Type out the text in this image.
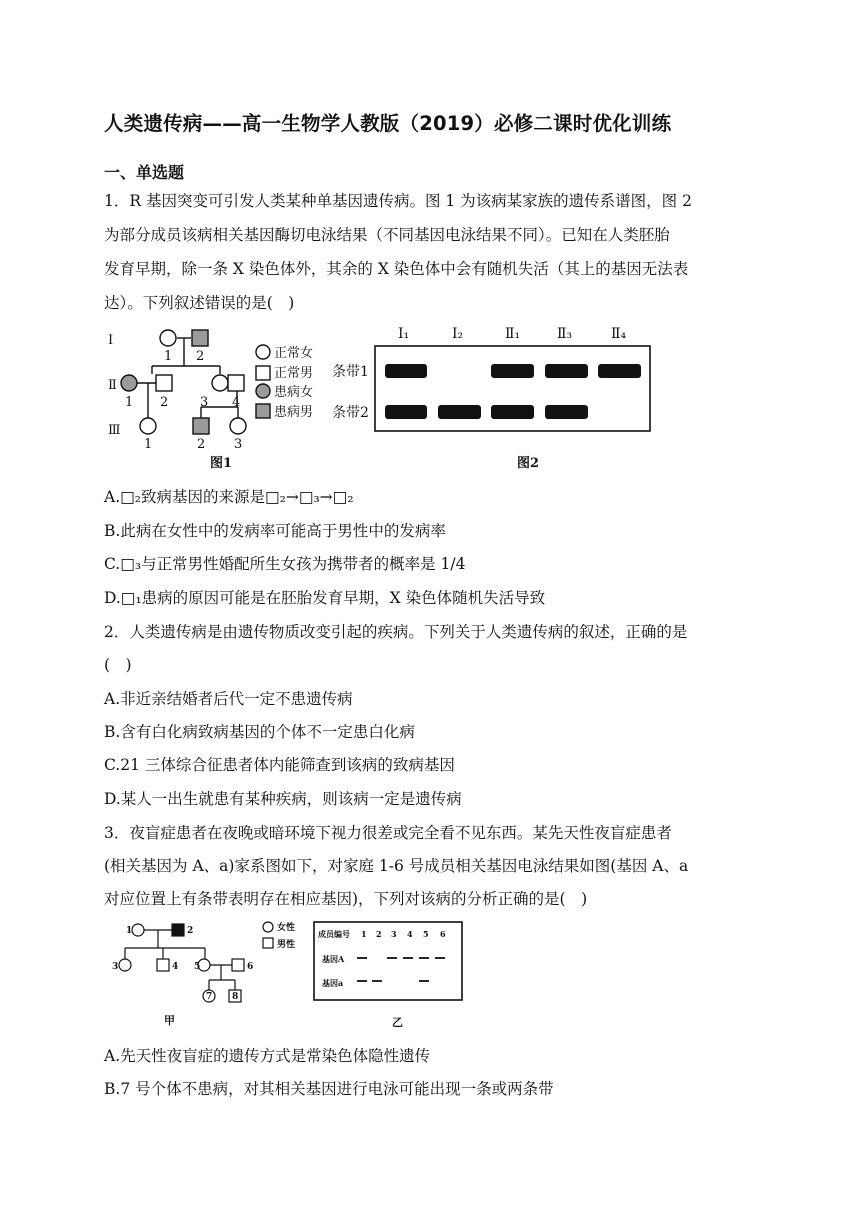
人类遗传病——高一生物学人教版（2019）必修二课时优化训练
一、单选题
1．R 基因突变可引发人类某种单基因遗传病。图 1 为该病某家族的遗传系谱图，图 2
为部分成员该病相关基因酶切电泳结果（不同基因电泳结果不同）。已知在人类胚胎
发育早期，除一条 X 染色体外，其余的 X 染色体中会有随机失活（其上的基因无法表
达）。下列叙述错误的是(　)
Ⅰ
Ⅱ
Ⅲ
1 2
1 2 3 4
1	2 3
正常女
正常男
患病女
患病男
图1
Ⅰ₁	Ⅰ₂	Ⅱ₁	Ⅱ₃	Ⅱ₄
条带1
条带2
图2
A.□₂致病基因的来源是□₂→□₃→□₂
B.此病在女性中的发病率可能高于男性中的发病率
C.□₃与正常男性婚配所生女孩为携带者的概率是 1/4
D.□₁患病的原因可能是在胚胎发育早期，X 染色体随机失活导致
2．人类遗传病是由遗传物质改变引起的疾病。下列关于人类遗传病的叙述，正确的是
(　)
A.非近亲结婚者后代一定不患遗传病
B.含有白化病致病基因的个体不一定患白化病
C.21 三体综合征患者体内能筛查到该病的致病基因
D.某人一出生就患有某种疾病，则该病一定是遗传病
3．夜盲症患者在夜晚或暗环境下视力很差或完全看不见东西。某先天性夜盲症患者
(相关基因为 A、a)家系图如下，对家庭 1-6 号成员相关基因电泳结果如图(基因 A、a
对应位置上有条带表明存在相应基因)，下列对该病的分析正确的是(　)
1	2
3	4 5	6
7 8
女性
男性
甲
成员编号 1 2 3 4 5 6
基因A
基因a
乙
A.先天性夜盲症的遗传方式是常染色体隐性遗传
B.7 号个体不患病，对其相关基因进行电泳可能出现一条或两条带
